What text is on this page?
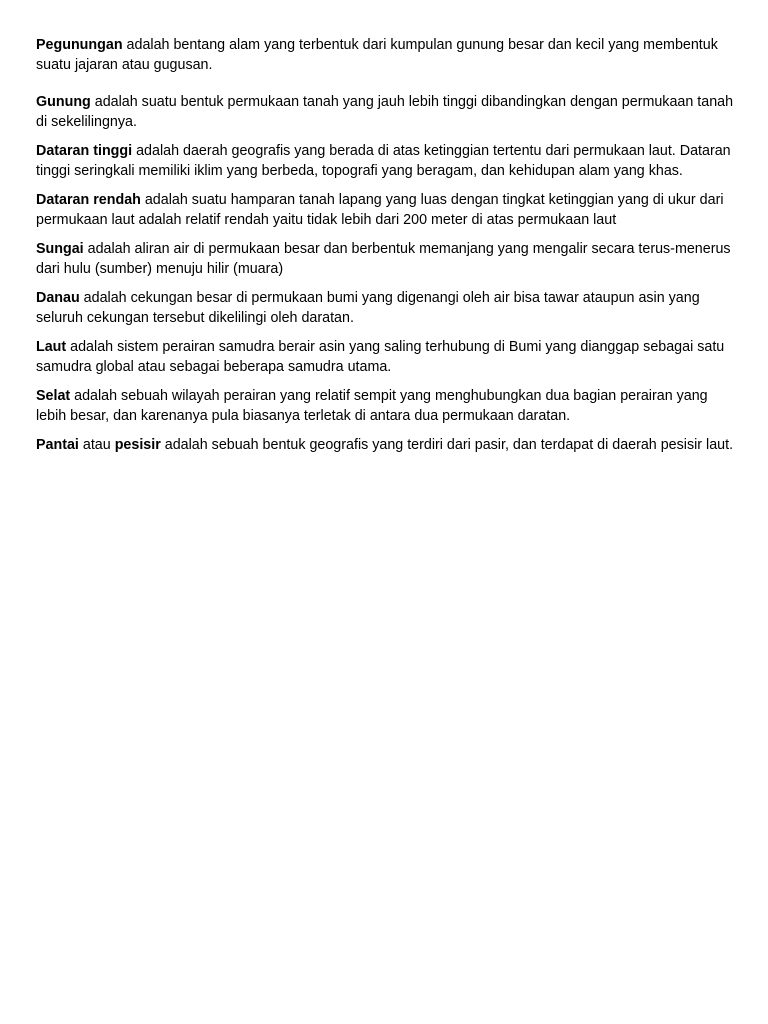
Pegunungan adalah bentang alam yang terbentuk dari kumpulan gunung besar dan kecil yang membentuk suatu jajaran atau gugusan.

Gunung adalah suatu bentuk permukaan tanah yang jauh lebih tinggi dibandingkan dengan permukaan tanah di sekelilingnya.

Dataran tinggi adalah daerah geografis yang berada di atas ketinggian tertentu dari permukaan laut. Dataran tinggi seringkali memiliki iklim yang berbeda, topografi yang beragam, dan kehidupan alam yang khas.

Dataran rendah adalah suatu hamparan tanah lapang yang luas dengan tingkat ketinggian yang di ukur dari permukaan laut adalah relatif rendah yaitu tidak lebih dari 200 meter di atas permukaan laut

Sungai adalah aliran air di permukaan besar dan berbentuk memanjang yang mengalir secara terus-menerus dari hulu (sumber) menuju hilir (muara)

Danau adalah cekungan besar di permukaan bumi yang digenangi oleh air bisa tawar ataupun asin yang seluruh cekungan tersebut dikelilingi oleh daratan.

Laut adalah sistem perairan samudra berair asin yang saling terhubung di Bumi yang dianggap sebagai satu samudra global atau sebagai beberapa samudra utama.

Selat adalah sebuah wilayah perairan yang relatif sempit yang menghubungkan dua bagian perairan yang lebih besar, dan karenanya pula biasanya terletak di antara dua permukaan daratan.

Pantai atau pesisir adalah sebuah bentuk geografis yang terdiri dari pasir, dan terdapat di daerah pesisir laut.
